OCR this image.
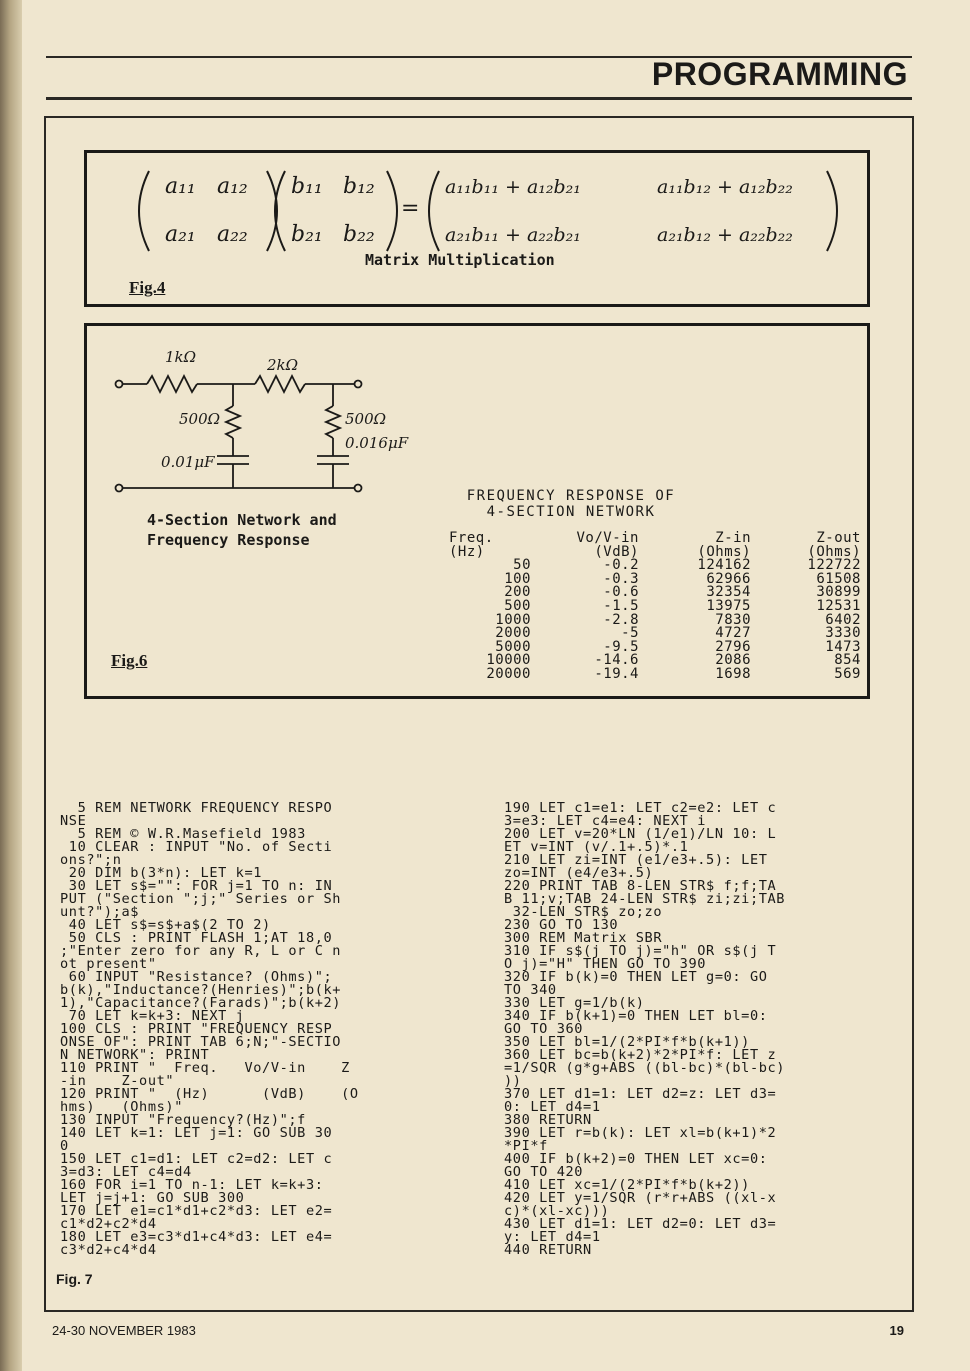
PROGRAMMING
a₁₁ a₁₂
a₂₁ a₂₂
b₁₁ b₁₂
b₂₁ b₂₂
=
a₁₁b₁₁ + a₁₂b₂₁	a₁₁b₁₂ + a₁₂b₂₂
a₂₁b₁₁ + a₂₂b₂₁	a₂₁b₁₂ + a₂₂b₂₂
Matrix Multiplication
Fig.4
1kΩ	2kΩ
500Ω	500Ω
0.01μF
0.016μF
4-Section Network and
Frequency Response
Fig.6
FREQUENCY RESPONSE OF
4-SECTION NETWORK
Freq.	Vo/V-in	Z-in	Z-out
(Hz)	(VdB)	(Ohms)	(Ohms)
50	-0.2	124162	122722
100	-0.3	62966	61508
200	-0.6	32354	30899
500	-1.5	13975	12531
1000	-2.8	7830	6402
2000	-5	4727	3330
5000	-9.5	2796	1473
10000	-14.6	2086	854
20000	-19.4	1698	569
5 REM NETWORK FREQUENCY RESPO
NSE
5 REM © W.R.Masefield 1983
10 CLEAR : INPUT "No. of Secti
ons?";n
20 DIM b(3*n): LET k=1
30 LET s$="": FOR j=1 TO n: IN
PUT ("Section ";j;" Series or Sh
unt?");a$
40 LET s$=s$+a$(2 TO 2)
50 CLS : PRINT FLASH 1;AT 18,0
;"Enter zero for any R, L or C n
ot present"
60 INPUT "Resistance? (Ohms)";
b(k),"Inductance?(Henries)";b(k+
1),"Capacitance?(Farads)";b(k+2)
70 LET k=k+3: NEXT j
100 CLS : PRINT "FREQUENCY RESP
ONSE OF": PRINT TAB 6;N;"-SECTIO
N NETWORK": PRINT
110 PRINT "  Freq.   Vo/V-in    Z
-in    Z-out"
120 PRINT "  (Hz)      (VdB)    (O
hms)   (Ohms)"
130 INPUT "Frequency?(Hz)";f
140 LET k=1: LET j=1: GO SUB 30
0
150 LET c1=d1: LET c2=d2: LET c
3=d3: LET c4=d4
160 FOR i=1 TO n-1: LET k=k+3:
LET j=j+1: GO SUB 300
170 LET e1=c1*d1+c2*d3: LET e2=
c1*d2+c2*d4
180 LET e3=c3*d1+c4*d3: LET e4=
c3*d2+c4*d4
190 LET c1=e1: LET c2=e2: LET c
3=e3: LET c4=e4: NEXT i
200 LET v=20*LN (1/e1)/LN 10: L
ET v=INT (v/.1+.5)*.1
210 LET zi=INT (e1/e3+.5): LET
zo=INT (e4/e3+.5)
220 PRINT TAB 8-LEN STR$ f;f;TA
B 11;v;TAB 24-LEN STR$ zi;zi;TAB
32-LEN STR$ zo;zo
230 GO TO 130
300 REM Matrix SBR
310 IF s$(j TO j)="h" OR s$(j T
O j)="H" THEN GO TO 390
320 IF b(k)=0 THEN LET g=0: GO
TO 340
330 LET g=1/b(k)
340 IF b(k+1)=0 THEN LET bl=0:
GO TO 360
350 LET bl=1/(2*PI*f*b(k+1))
360 LET bc=b(k+2)*2*PI*f: LET z
=1/SQR (g*g+ABS ((bl-bc)*(bl-bc)
))
370 LET d1=1: LET d2=z: LET d3=
0: LET d4=1
380 RETURN
390 LET r=b(k): LET xl=b(k+1)*2
*PI*f
400 IF b(k+2)=0 THEN LET xc=0:
GO TO 420
410 LET xc=1/(2*PI*f*b(k+2))
420 LET y=1/SQR (r*r+ABS ((xl-x
c)*(xl-xc)))
430 LET d1=1: LET d2=0: LET d3=
y: LET d4=1
440 RETURN
Fig. 7
24-30 NOVEMBER 1983	19
